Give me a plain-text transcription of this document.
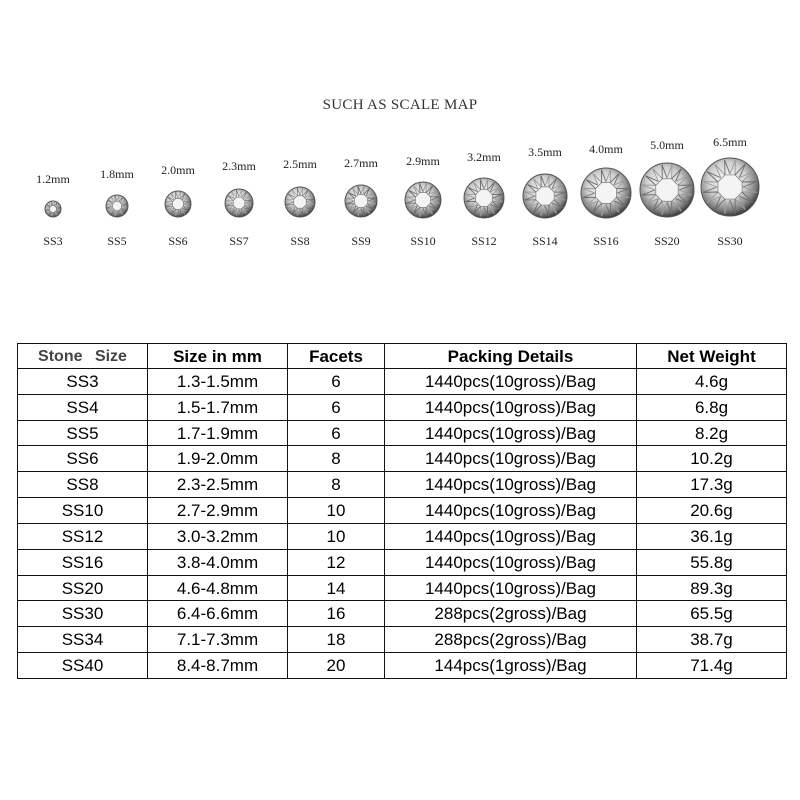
SUCH AS SCALE MAP
1.2mm
SS3
1.8mm
SS5
2.0mm
SS6
2.3mm
SS7
2.5mm
SS8
2.7mm
SS9
2.9mm
SS10
3.2mm
SS12
3.5mm
SS14
4.0mm
SS16
5.0mm
SS20
6.5mm
SS30
Stone Size	Size in mm	Facets	Packing Details	Net Weight
SS3	1.3-1.5mm	6	1440pcs(10gross)/Bag	4.6g
SS4	1.5-1.7mm	6	1440pcs(10gross)/Bag	6.8g
SS5	1.7-1.9mm	6	1440pcs(10gross)/Bag	8.2g
SS6	1.9-2.0mm	8	1440pcs(10gross)/Bag	10.2g
SS8	2.3-2.5mm	8	1440pcs(10gross)/Bag	17.3g
SS10	2.7-2.9mm	10	1440pcs(10gross)/Bag	20.6g
SS12	3.0-3.2mm	10	1440pcs(10gross)/Bag	36.1g
SS16	3.8-4.0mm	12	1440pcs(10gross)/Bag	55.8g
SS20	4.6-4.8mm	14	1440pcs(10gross)/Bag	89.3g
SS30	6.4-6.6mm	16	288pcs(2gross)/Bag	65.5g
SS34	7.1-7.3mm	18	288pcs(2gross)/Bag	38.7g
SS40	8.4-8.7mm	20	144pcs(1gross)/Bag	71.4g
